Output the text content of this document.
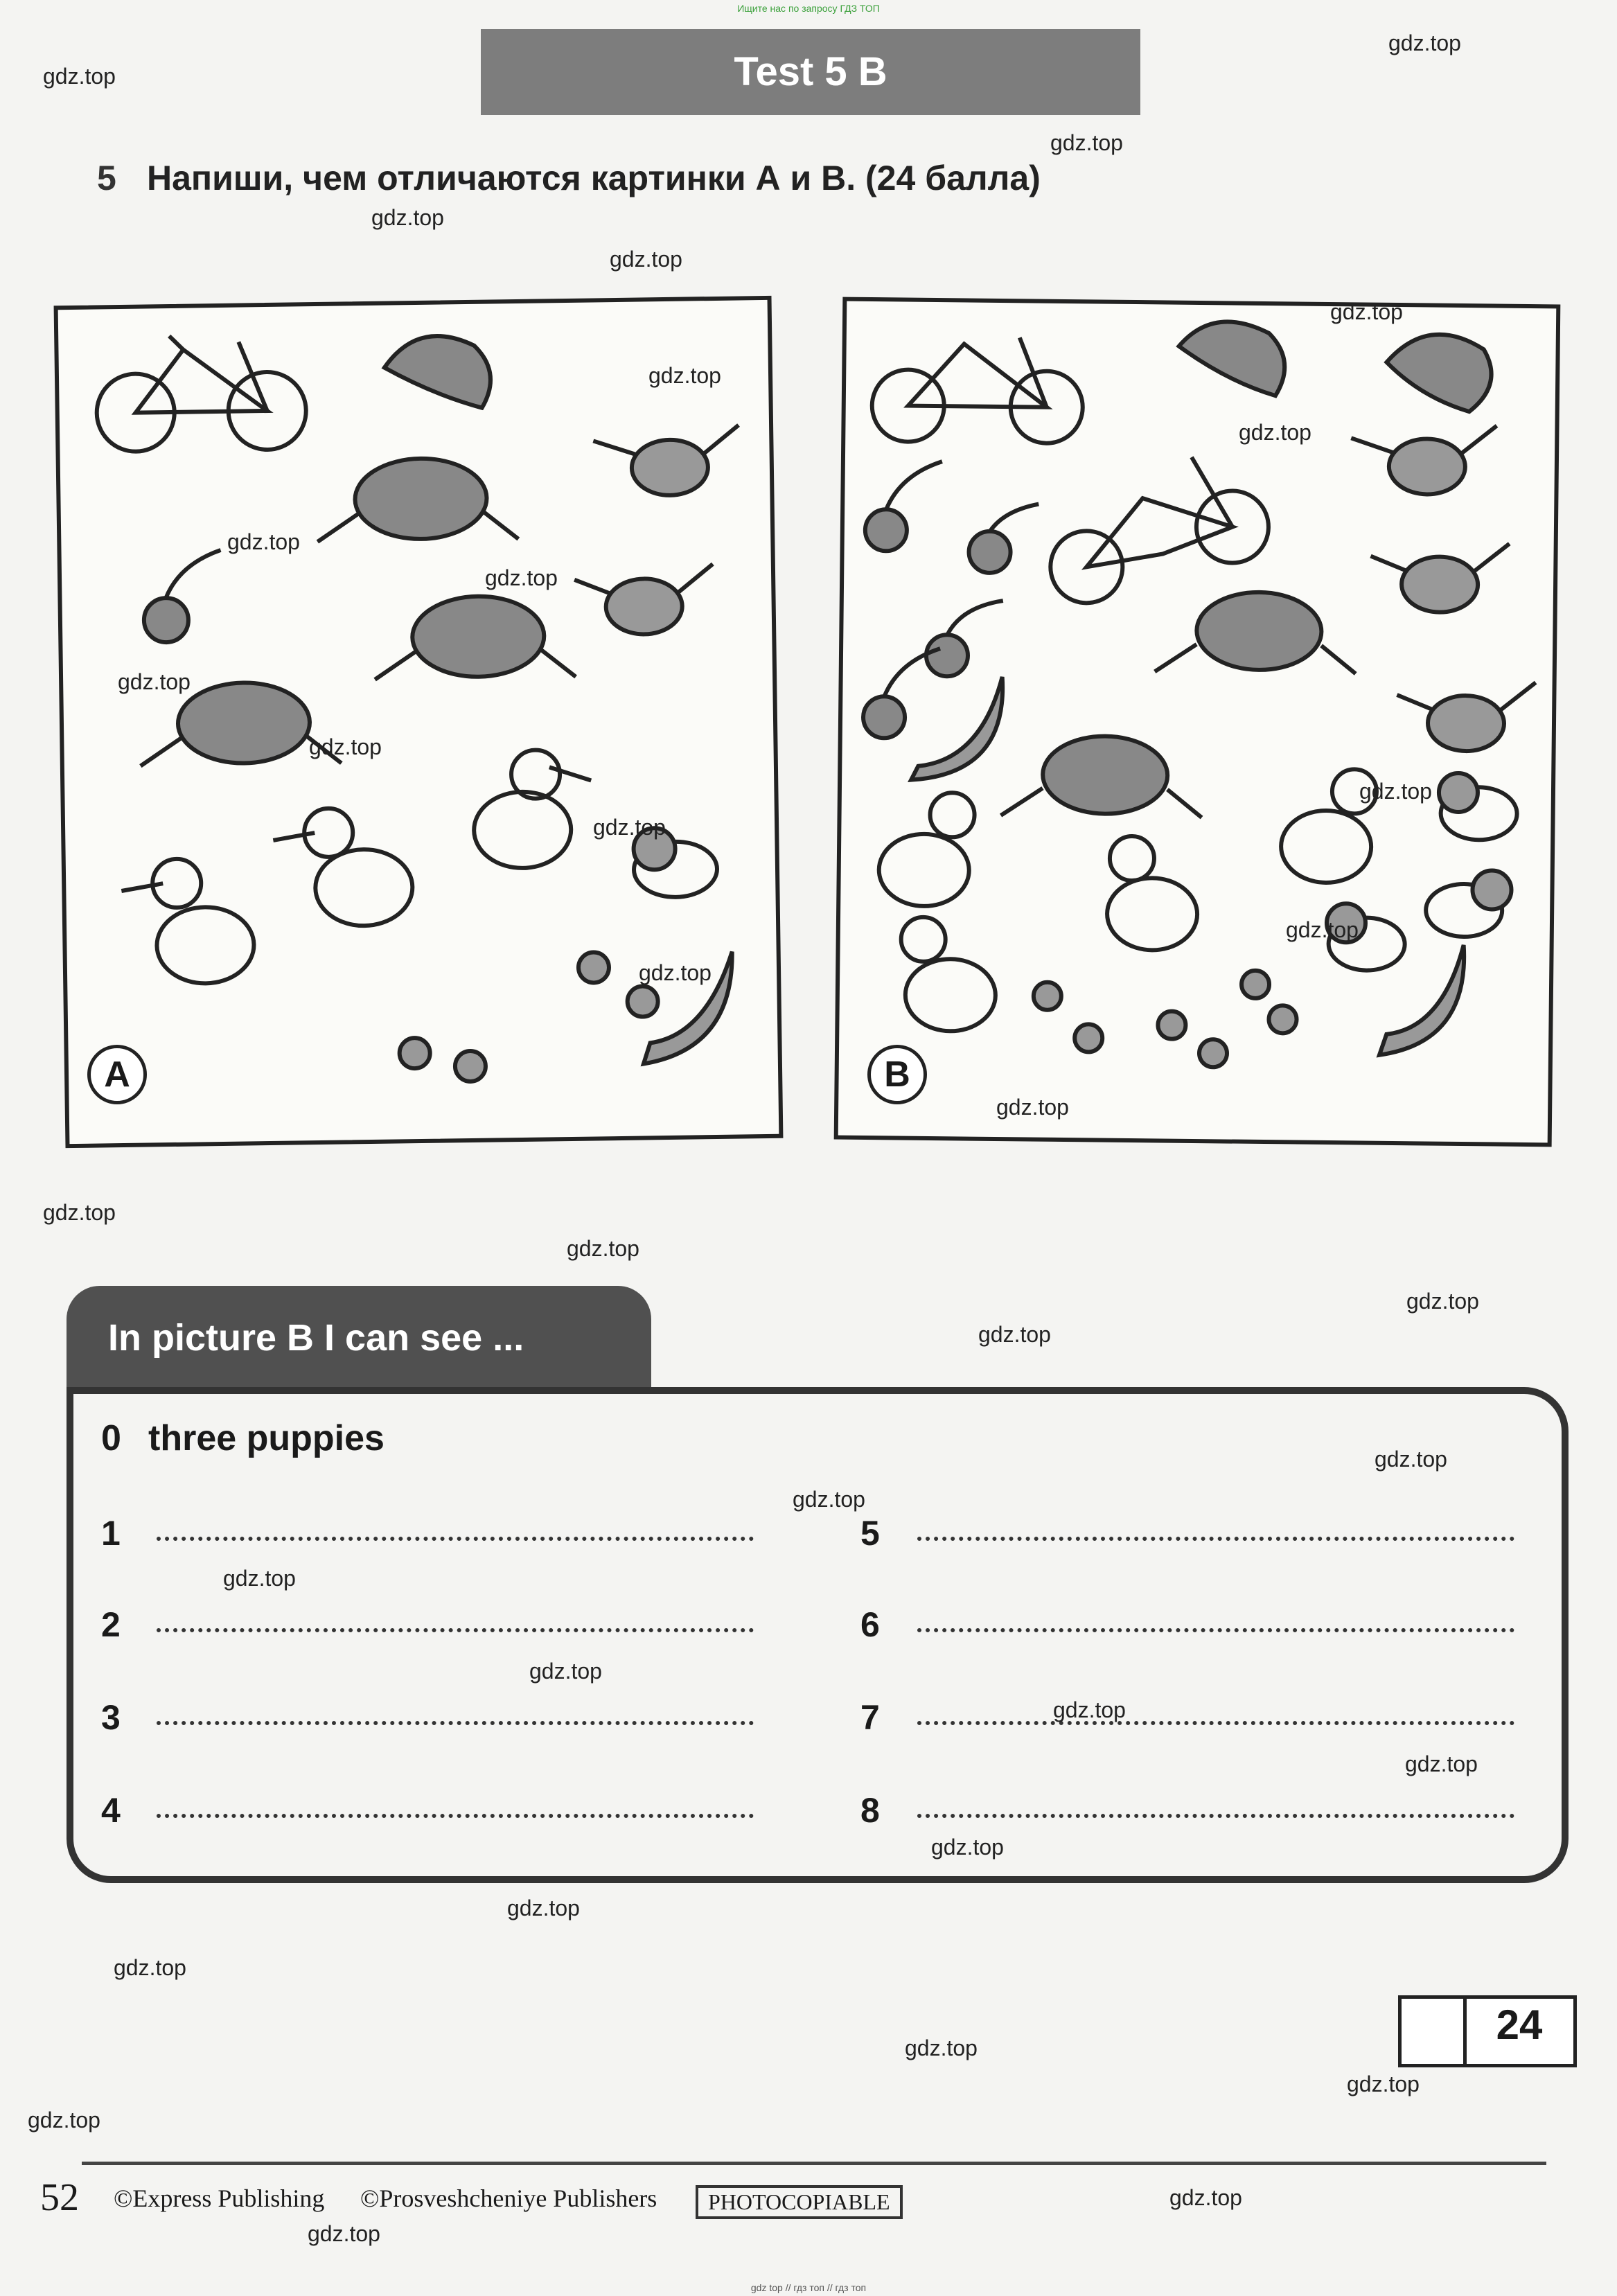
Ищите нас по запросу ГДЗ ТОП
Test 5 B
5 Напиши, чем отличаются картинки А и В. (24 балла)
A	B
In picture B I can see ...
0 three puppies
1
2
3
4
5
6
7
8
24
52 ©Express Publishing ©Prosveshcheniye Publishers	PHOTOCOPIABLE
gdz top // гдз топ // гдз топ
gdz.top
gdz.top
gdz.top
gdz.top
gdz.top
gdz.top
gdz.top
gdz.top
gdz.top
gdz.top
gdz.top
gdz.top
gdz.top
gdz.top
gdz.top
gdz.top
gdz.top
gdz.top
gdz.top
gdz.top
gdz.top
gdz.top
gdz.top
gdz.top
gdz.top
gdz.top
gdz.top
gdz.top
gdz.top
gdz.top
gdz.top
gdz.top
gdz.top
gdz.top
gdz.top
